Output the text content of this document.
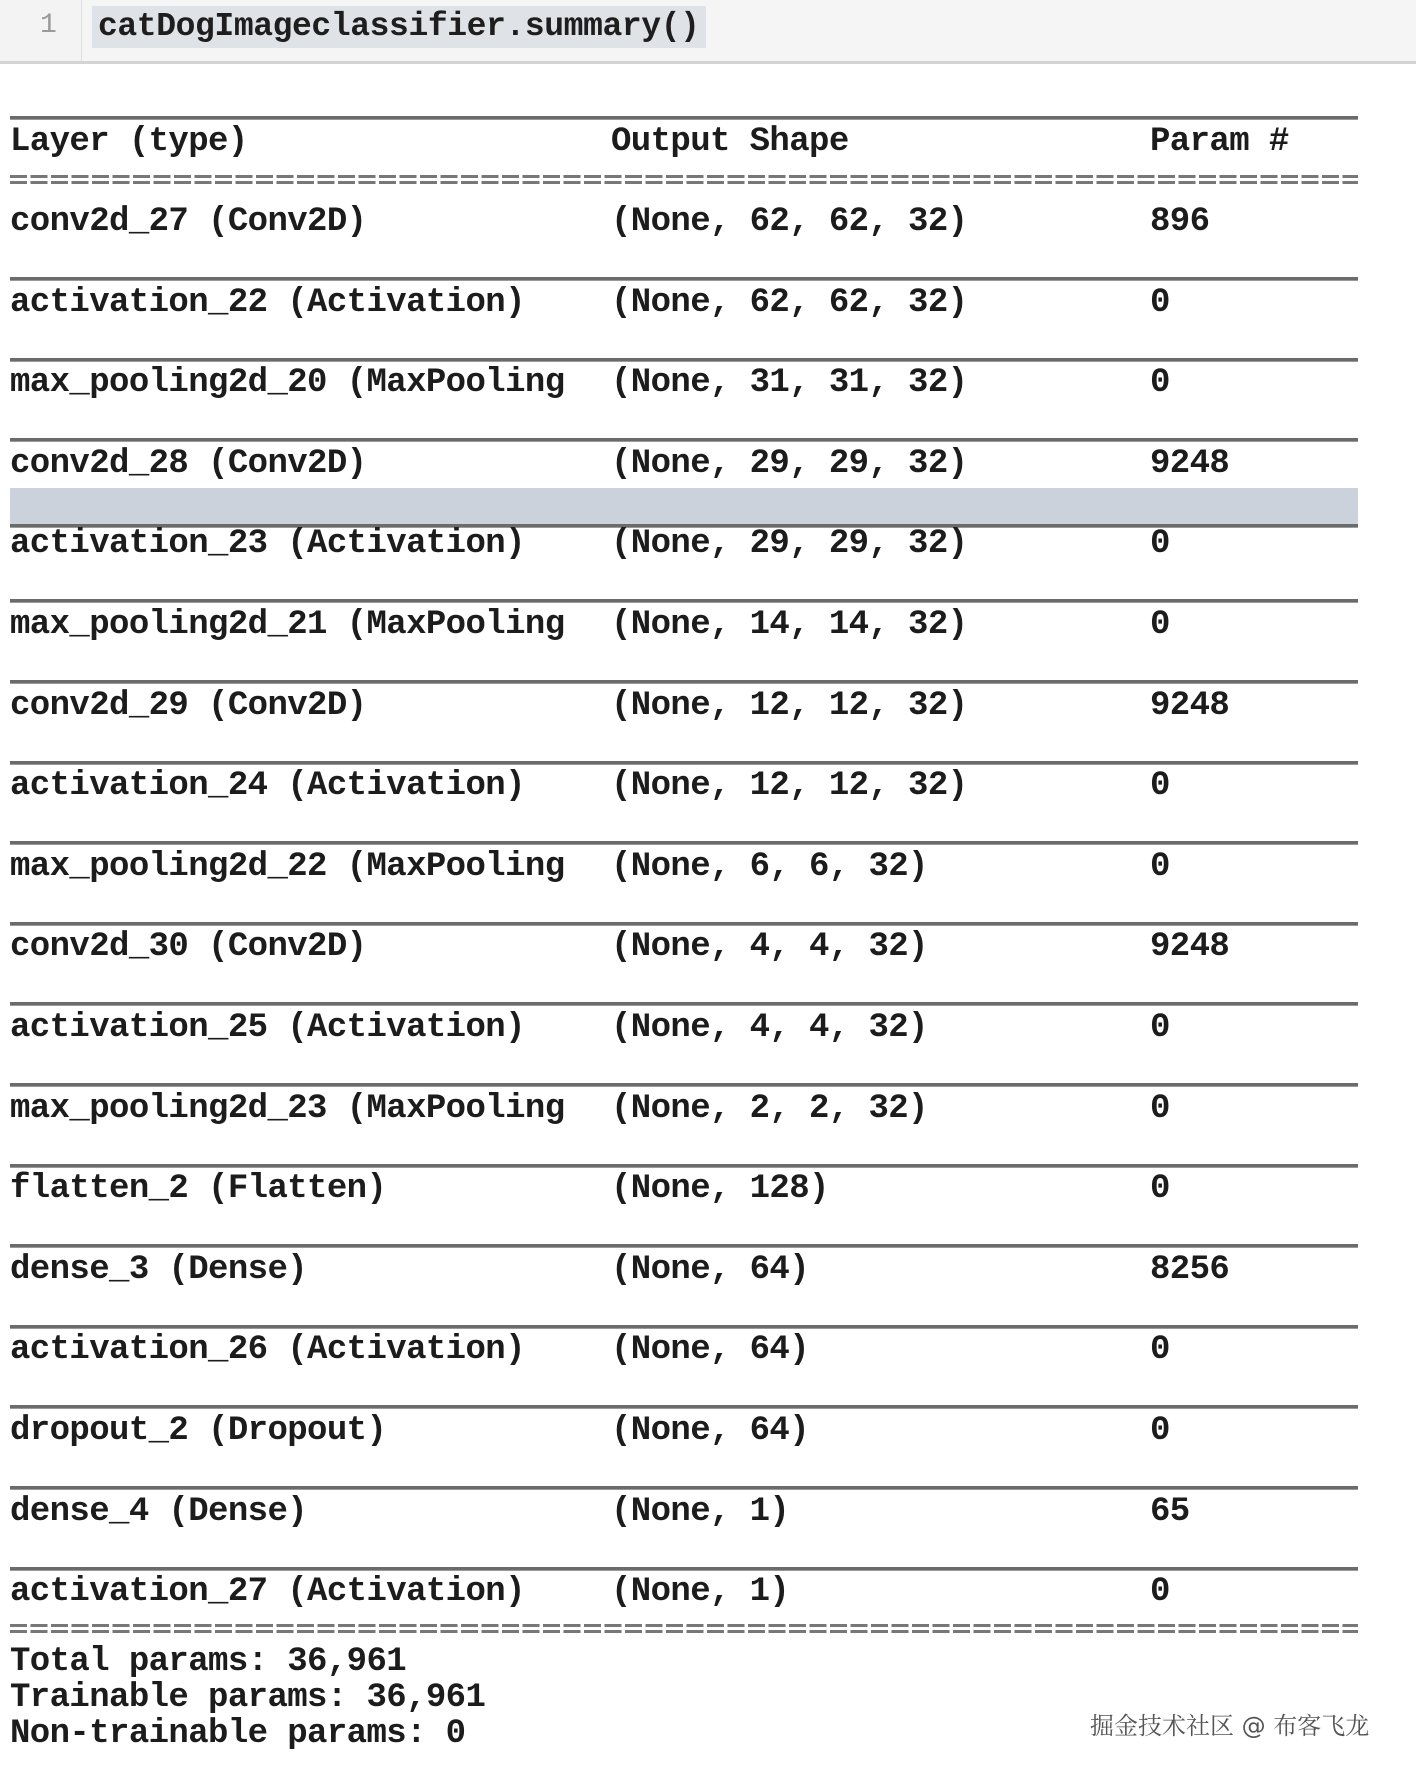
1 catDogImageclassifier.summary()
Layer (type)	Output Shape	Param #
conv2d_27 (Conv2D)	(None, 62, 62, 32)	896
activation_22 (Activation)	(None, 62, 62, 32)	0
max_pooling2d_20 (MaxPooling (None, 31, 31, 32)	0
conv2d_28 (Conv2D)	(None, 29, 29, 32)	9248
activation_23 (Activation)	(None, 29, 29, 32)	0
max_pooling2d_21 (MaxPooling (None, 14, 14, 32)	0
conv2d_29 (Conv2D)	(None, 12, 12, 32)	9248
activation_24 (Activation)	(None, 12, 12, 32)	0
max_pooling2d_22 (MaxPooling (None, 6, 6, 32)	0
conv2d_30 (Conv2D)	(None, 4, 4, 32)	9248
activation_25 (Activation)	(None, 4, 4, 32)	0
max_pooling2d_23 (MaxPooling (None, 2, 2, 32)	0
flatten_2 (Flatten)	(None, 128)	0
dense_3 (Dense)	(None, 64)	8256
activation_26 (Activation)	(None, 64)	0
dropout_2 (Dropout)	(None, 64)	0
dense_4 (Dense)	(None, 1)	65
activation_27 (Activation)	(None, 1)	0
Total params: 36,961
Trainable params: 36,961
Non-trainable params: 0	掘金技术社区 @ 布客飞龙
